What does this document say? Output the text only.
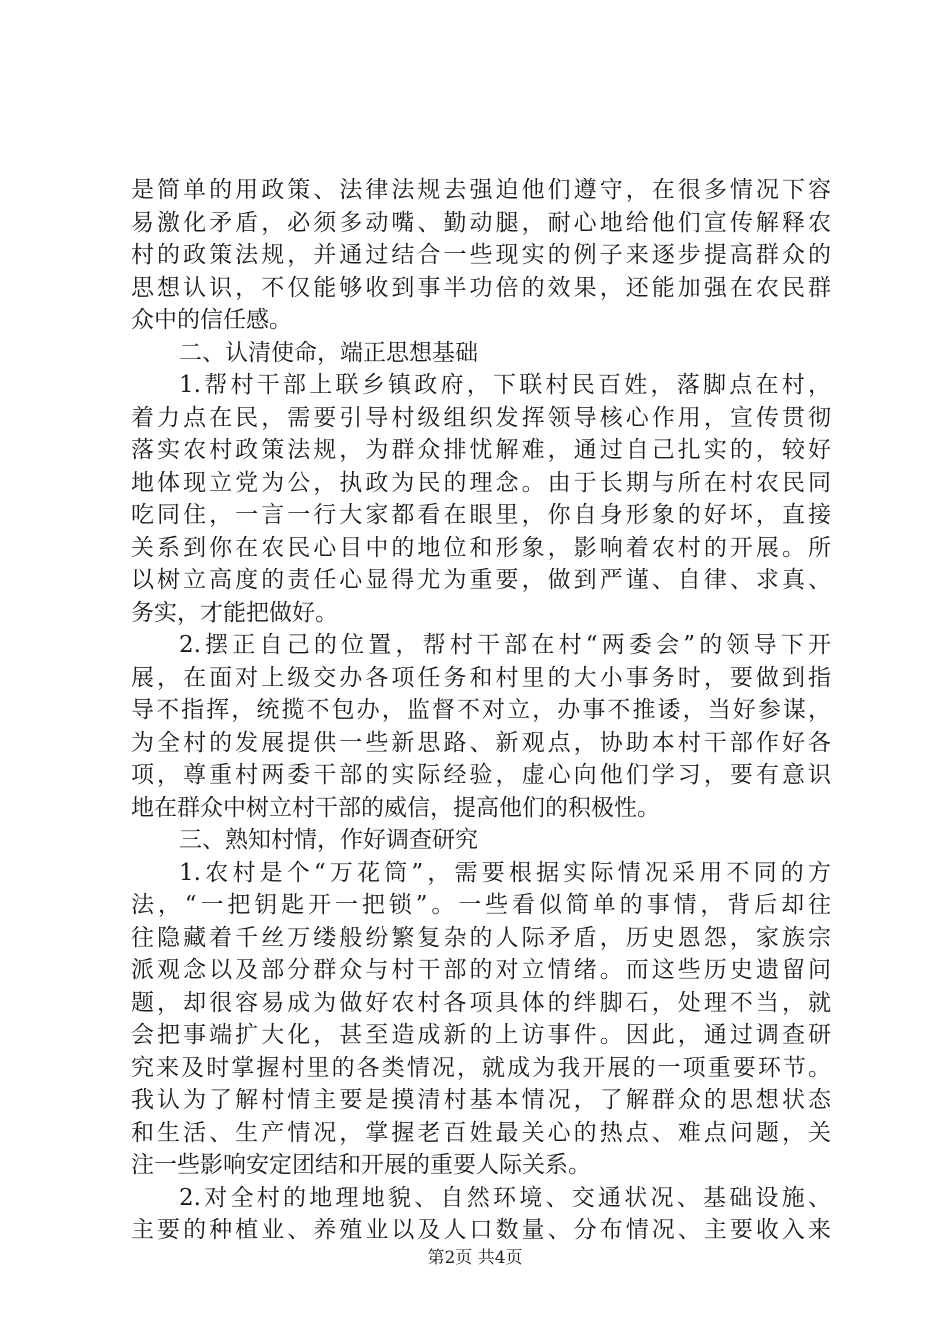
是简单的用政策、法律法规去强迫他们遵守，在很多情况下容
易激化矛盾，必须多动嘴、勤动腿，耐心地给他们宣传解释农
村的政策法规，并通过结合一些现实的例子来逐步提高群众的
思想认识，不仅能够收到事半功倍的效果，还能加强在农民群
众中的信任感。
二、认清使命，端正思想基础
1.帮村干部上联乡镇政府，下联村民百姓，落脚点在村，
着力点在民，需要引导村级组织发挥领导核心作用，宣传贯彻
落实农村政策法规，为群众排忧解难，通过自己扎实的，较好
地体现立党为公，执政为民的理念。由于长期与所在村农民同
吃同住，一言一行大家都看在眼里，你自身形象的好坏，直接
关系到你在农民心目中的地位和形象，影响着农村的开展。所
以树立高度的责任心显得尤为重要，做到严谨、自律、求真、
务实，才能把做好。
2.摆正自己的位置，帮村干部在村“两委会”的领导下开
展，在面对上级交办各项任务和村里的大小事务时，要做到指
导不指挥，统揽不包办，监督不对立，办事不推诿，当好参谋，
为全村的发展提供一些新思路、新观点，协助本村干部作好各
项，尊重村两委干部的实际经验，虚心向他们学习，要有意识
地在群众中树立村干部的威信，提高他们的积极性。
三、熟知村情，作好调查研究
1.农村是个“万花筒”，需要根据实际情况采用不同的方
法，“一把钥匙开一把锁”。一些看似简单的事情，背后却往
往隐藏着千丝万缕般纷繁复杂的人际矛盾，历史恩怨，家族宗
派观念以及部分群众与村干部的对立情绪。而这些历史遗留问
题，却很容易成为做好农村各项具体的绊脚石，处理不当，就
会把事端扩大化，甚至造成新的上访事件。因此，通过调查研
究来及时掌握村里的各类情况，就成为我开展的一项重要环节。
我认为了解村情主要是摸清村基本情况，了解群众的思想状态
和生活、生产情况，掌握老百姓最关心的热点、难点问题，关
注一些影响安定团结和开展的重要人际关系。
2.对全村的地理地貌、自然环境、交通状况、基础设施、
主要的种植业、养殖业以及人口数量、分布情况、主要收入来
第2页 共4页
